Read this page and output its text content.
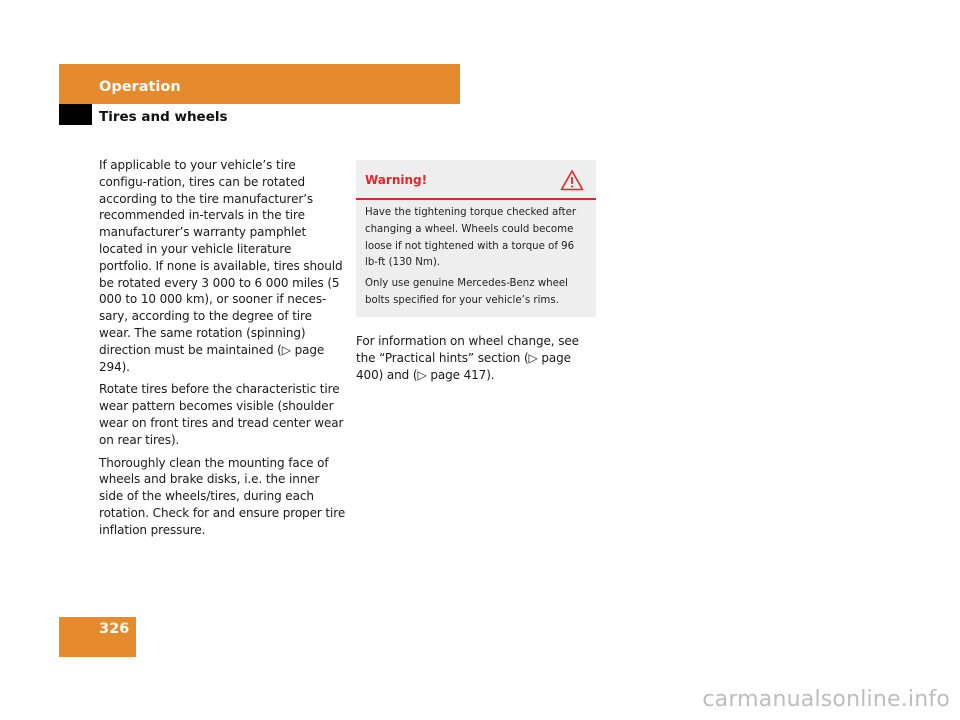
Operation
Tires and wheels

If applicable to your vehicle’s tire configu-ration, tires can be rotated according to the tire manufacturer’s recommended in-tervals in the tire manufacturer’s warranty pamphlet located in your vehicle literature portfolio. If none is available, tires should be rotated every 3 000 to 6 000 miles (5 000 to 10 000 km), or sooner if neces-sary, according to the degree of tire wear. The same rotation (spinning) direction must be maintained (▷ page 294).

Rotate tires before the characteristic tire wear pattern becomes visible (shoulder wear on front tires and tread center wear on rear tires).

Thoroughly clean the mounting face of wheels and brake disks, i.e. the inner side of the wheels/tires, during each rotation. Check for and ensure proper tire inflation pressure.

Warning!

Have the tightening torque checked after changing a wheel. Wheels could become loose if not tightened with a torque of 96 lb-ft (130 Nm).

Only use genuine Mercedes-Benz wheel bolts specified for your vehicle’s rims.

For information on wheel change, see the “Practical hints” section (▷ page 400) and (▷ page 417).

326
carmanualsonline.info
